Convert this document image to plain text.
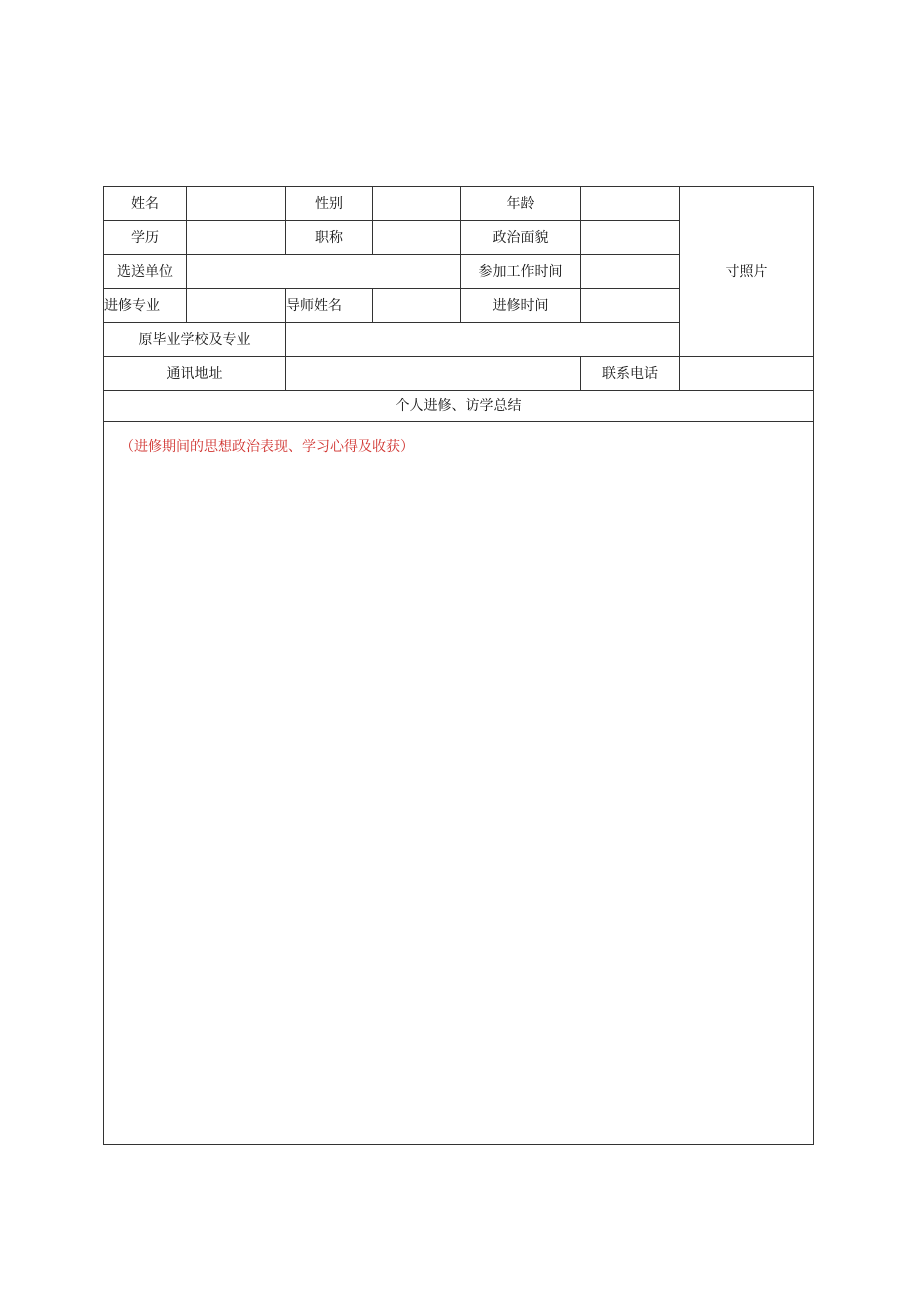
姓名		性别		年龄		寸照片
学历		职称		政治面貌		
选送单位				参加工作时间		
进修专业		导师姓名		进修时间		
原毕业学校及专业						
通讯地址					联系电话	
个人进修、访学总结						

（进修期间的思想政治表现、学习心得及收获）						
